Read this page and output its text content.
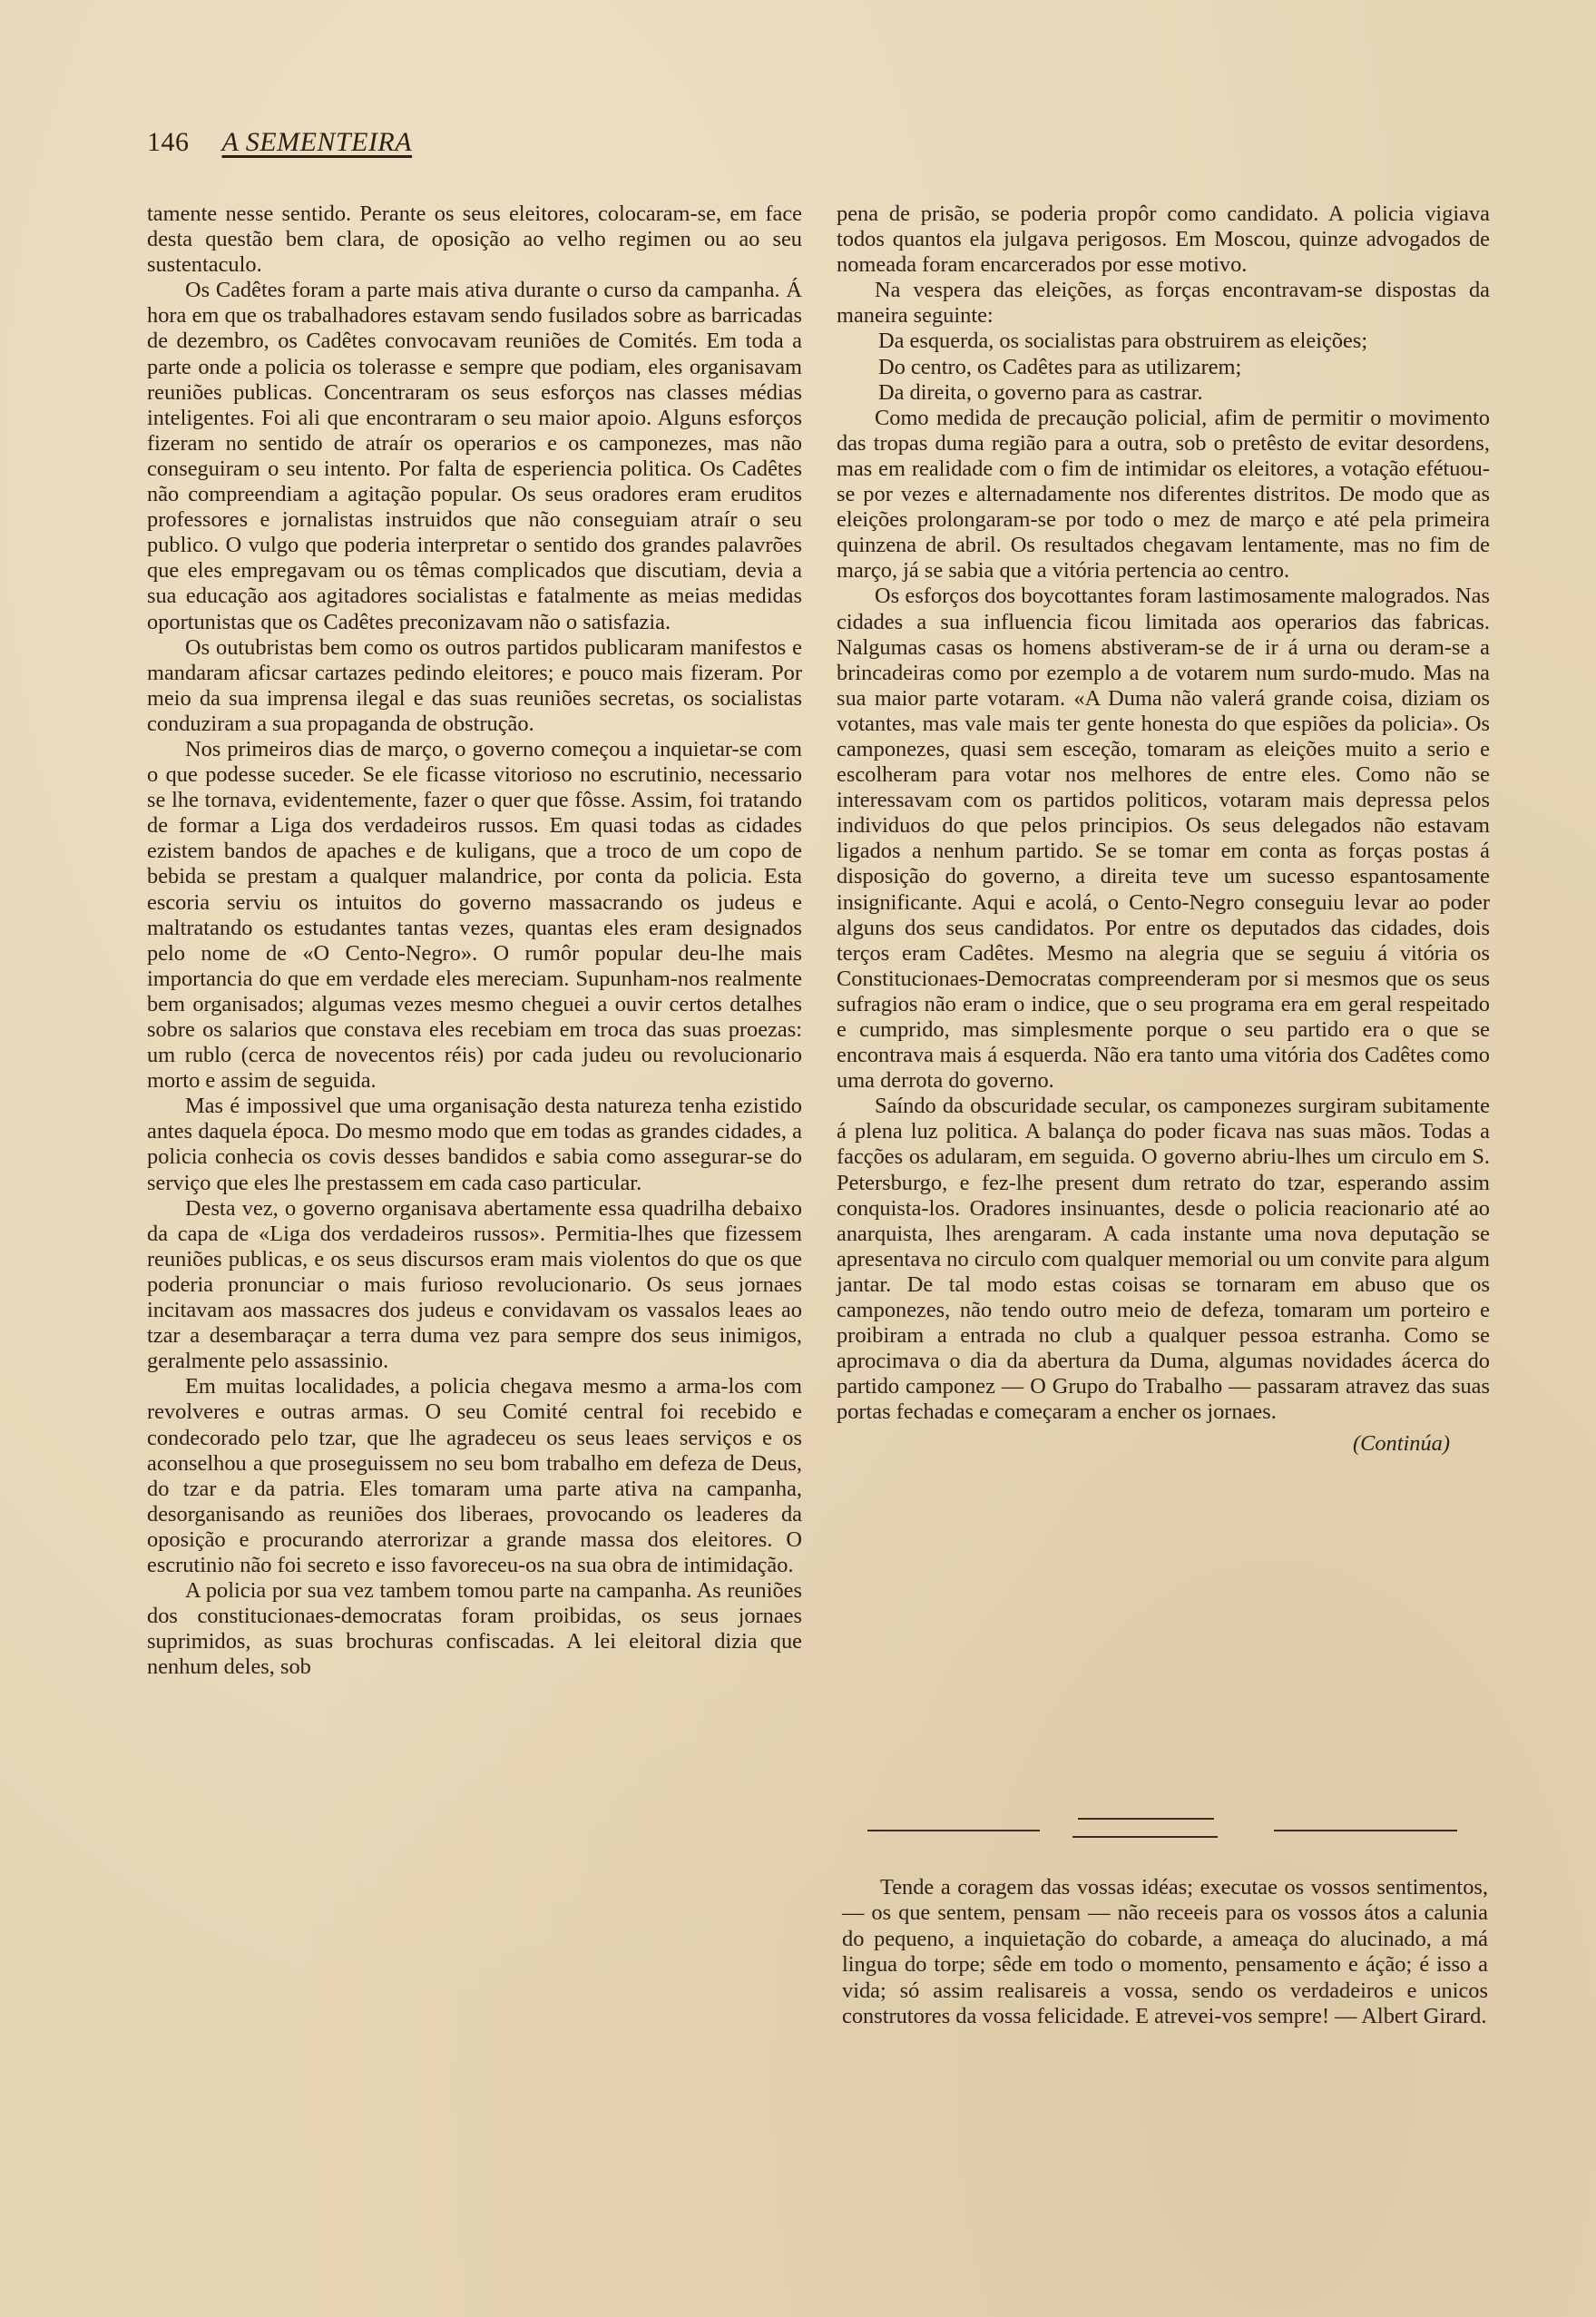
146 A SEMENTEIRA

tamente nesse sentido. Perante os seus eleitores, colocaram-se, em face desta questão bem clara, de oposição ao velho regimen ou ao seu sustentaculo.

Os Cadêtes foram a parte mais ativa durante o curso da campanha. Á hora em que os trabalhadores estavam sendo fusilados sobre as barricadas de dezembro, os Cadêtes convocavam reuniões de Comités. Em toda a parte onde a policia os tolerasse e sempre que podiam, eles organisavam reuniões publicas. Concentraram os seus esforços nas classes médias inteligentes. Foi ali que encontraram o seu maior apoio. Alguns esforços fizeram no sentido de atraír os operarios e os camponezes, mas não conseguiram o seu intento. Por falta de esperiencia politica. Os Cadêtes não compreendiam a agitação popular. Os seus oradores eram eruditos professores e jornalistas instruidos que não conseguiam atraír o seu publico. O vulgo que poderia interpretar o sentido dos grandes palavrões que eles empregavam ou os têmas complicados que discutiam, devia a sua educação aos agitadores socialistas e fatalmente as meias medidas oportunistas que os Cadêtes preconizavam não o satisfazia.

Os outubristas bem como os outros partidos publicaram manifestos e mandaram aficsar cartazes pedindo eleitores; e pouco mais fizeram. Por meio da sua imprensa ilegal e das suas reuniões secretas, os socialistas conduziram a sua propaganda de obstrução.

Nos primeiros dias de março, o governo começou a inquietar-se com o que podesse suceder. Se ele ficasse vitorioso no escrutinio, necessario se lhe tornava, evidentemente, fazer o quer que fôsse. Assim, foi tratando de formar a Liga dos verdadeiros russos. Em quasi todas as cidades ezistem bandos de apaches e de kuligans, que a troco de um copo de bebida se prestam a qualquer malandrice, por conta da policia. Esta escoria serviu os intuitos do governo massacrando os judeus e maltratando os estudantes tantas vezes, quantas eles eram designados pelo nome de «O Cento-Negro». O rumôr popular deu-lhe mais importancia do que em verdade eles mereciam. Supunham-nos realmente bem organisados; algumas vezes mesmo cheguei a ouvir certos detalhes sobre os salarios que constava eles recebiam em troca das suas proezas: um rublo (cerca de novecentos réis) por cada judeu ou revolucionario morto e assim de seguida.

Mas é impossivel que uma organisação desta natureza tenha ezistido antes daquela época. Do mesmo modo que em todas as grandes cidades, a policia conhecia os covis desses bandidos e sabia como assegurar-se do serviço que eles lhe prestassem em cada caso particular.

Desta vez, o governo organisava abertamente essa quadrilha debaixo da capa de «Liga dos verdadeiros russos». Permitia-lhes que fizessem reuniões publicas, e os seus discursos eram mais violentos do que os que poderia pronunciar o mais furioso revolucionario. Os seus jornaes incitavam aos massacres dos judeus e convidavam os vassalos leaes ao tzar a desembaraçar a terra duma vez para sempre dos seus inimigos, geralmente pelo assassinio.

Em muitas localidades, a policia chegava mesmo a arma-los com revolveres e outras armas. O seu Comité central foi recebido e condecorado pelo tzar, que lhe agradeceu os seus leaes serviços e os aconselhou a que proseguissem no seu bom trabalho em defeza de Deus, do tzar e da patria. Eles tomaram uma parte ativa na campanha, desorganisando as reuniões dos liberaes, provocando os leaderes da oposição e procurando aterrorizar a grande massa dos eleitores. O escrutinio não foi secreto e isso favoreceu-os na sua obra de intimidação.

A policia por sua vez tambem tomou parte na campanha. As reuniões dos constitucionaes-democratas foram proibidas, os seus jornaes suprimidos, as suas brochuras confiscadas. A lei eleitoral dizia que nenhum deles, sob

pena de prisão, se poderia propôr como candidato. A policia vigiava todos quantos ela julgava perigosos. Em Moscou, quinze advogados de nomeada foram encarcerados por esse motivo.

Na vespera das eleições, as forças encontravam-se dispostas da maneira seguinte:

Da esquerda, os socialistas para obstruirem as eleições;

Do centro, os Cadêtes para as utilizarem;

Da direita, o governo para as castrar.

Como medida de precaução policial, afim de permitir o movimento das tropas duma região para a outra, sob o pretêsto de evitar desordens, mas em realidade com o fim de intimidar os eleitores, a votação efétuou-se por vezes e alternadamente nos diferentes distritos. De modo que as eleições prolongaram-se por todo o mez de março e até pela primeira quinzena de abril. Os resultados chegavam lentamente, mas no fim de março, já se sabia que a vitória pertencia ao centro.

Os esforços dos boycottantes foram lastimosamente malogrados. Nas cidades a sua influencia ficou limitada aos operarios das fabricas. Nalgumas casas os homens abstiveram-se de ir á urna ou deram-se a brincadeiras como por ezemplo a de votarem num surdo-mudo. Mas na sua maior parte votaram. «A Duma não valerá grande coisa, diziam os votantes, mas vale mais ter gente honesta do que espiões da policia». Os camponezes, quasi sem esceção, tomaram as eleições muito a serio e escolheram para votar nos melhores de entre eles. Como não se interessavam com os partidos politicos, votaram mais depressa pelos individuos do que pelos principios. Os seus delegados não estavam ligados a nenhum partido. Se se tomar em conta as forças postas á disposição do governo, a direita teve um sucesso espantosamente insignificante. Aqui e acolá, o Cento-Negro conseguiu levar ao poder alguns dos seus candidatos. Por entre os deputados das cidades, dois terços eram Cadêtes. Mesmo na alegria que se seguiu á vitória os Constitucionaes-Democratas compreenderam por si mesmos que os seus sufragios não eram o indice, que o seu programa era em geral respeitado e cumprido, mas simplesmente porque o seu partido era o que se encontrava mais á esquerda. Não era tanto uma vitória dos Cadêtes como uma derrota do governo.

Saíndo da obscuridade secular, os camponezes surgiram subitamente á plena luz politica. A balança do poder ficava nas suas mãos. Todas a facções os adularam, em seguida. O governo abriu-lhes um circulo em S. Petersburgo, e fez-lhe present dum retrato do tzar, esperando assim conquista-los. Oradores insinuantes, desde o policia reacionario até ao anarquista, lhes arengaram. A cada instante uma nova deputação se apresentava no circulo com qualquer memorial ou um convite para algum jantar. De tal modo estas coisas se tornaram em abuso que os camponezes, não tendo outro meio de defeza, tomaram um porteiro e proibiram a entrada no club a qualquer pessoa estranha. Como se aprocimava o dia da abertura da Duma, algumas novidades ácerca do partido camponez — O Grupo do Trabalho — passaram atravez das suas portas fechadas e começaram a encher os jornaes.

(Continúa)

Tende a coragem das vossas idéas; executae os vossos sentimentos, — os que sentem, pensam — não receeis para os vossos átos a calunia do pequeno, a inquietação do cobarde, a ameaça do alucinado, a má lingua do torpe; sêde em todo o momento, pensamento e áção; é isso a vida; só assim realisareis a vossa, sendo os verdadeiros e unicos construtores da vossa felicidade. E atrevei-vos sempre! — Albert Girard.
